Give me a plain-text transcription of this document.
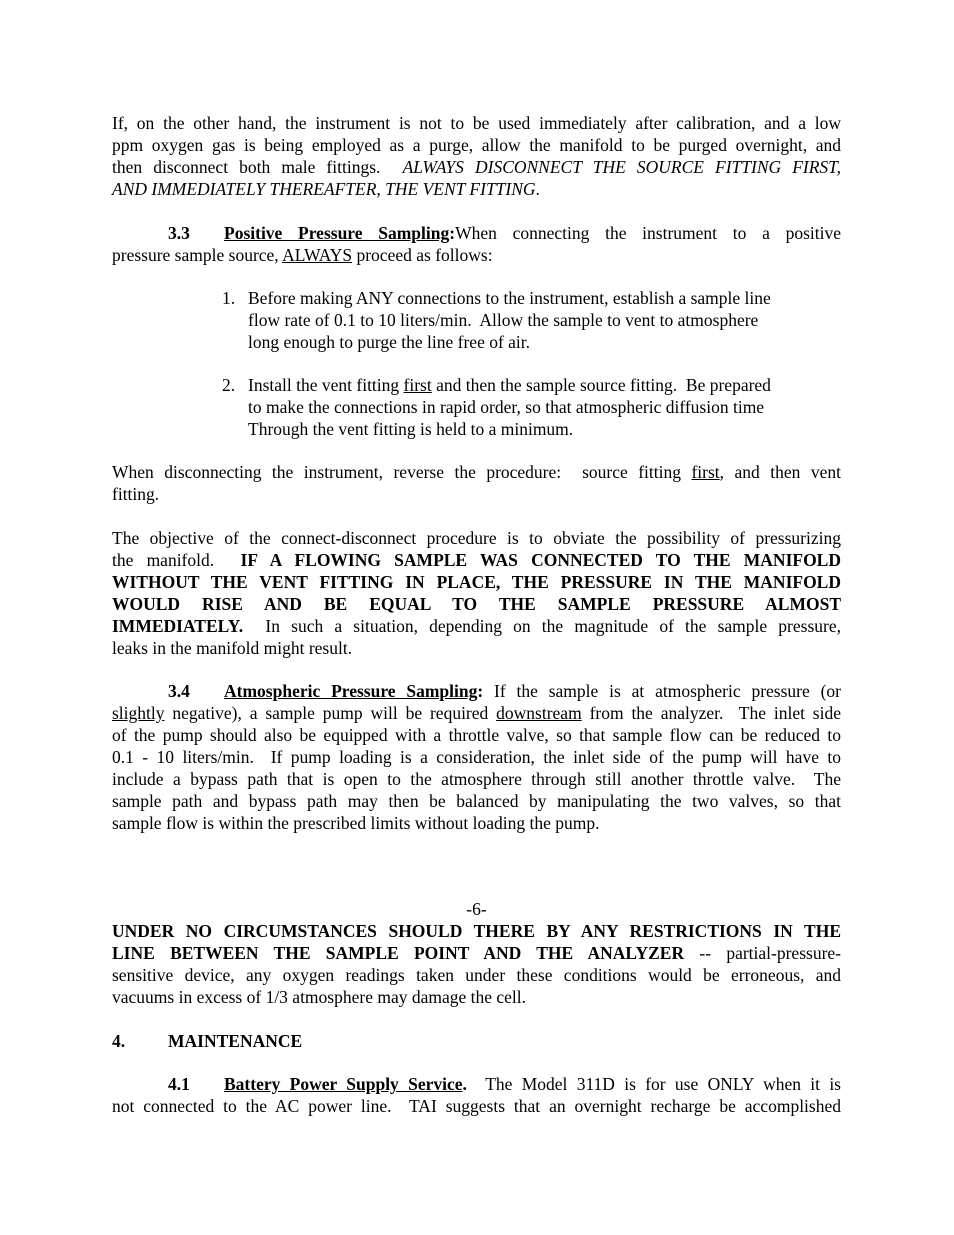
If, on the other hand, the instrument is not to be used immediately after calibration, and a low
ppm oxygen gas is being employed as a purge, allow the manifold to be purged overnight, and
then disconnect both male fittings.  ALWAYS DISCONNECT THE SOURCE FITTING FIRST,
AND IMMEDIATELY THEREAFTER, THE VENT FITTING.
3.3 Positive Pressure Sampling:When connecting the instrument to a positive
pressure sample source, ALWAYS proceed as follows:
1. Before making ANY connections to the instrument, establish a sample line
flow rate of 0.1 to 10 liters/min.  Allow the sample to vent to atmosphere
long enough to purge the line free of air.
2. Install the vent fitting first and then the sample source fitting.  Be prepared
to make the connections in rapid order, so that atmospheric diffusion time
Through the vent fitting is held to a minimum.
When disconnecting the instrument, reverse the procedure:  source fitting first, and then vent
fitting.
The objective of the connect-disconnect procedure is to obviate the possibility of pressurizing
the manifold.  IF A FLOWING SAMPLE WAS CONNECTED TO THE MANIFOLD
WITHOUT THE VENT FITTING IN PLACE, THE PRESSURE IN THE MANIFOLD
WOULD RISE AND BE EQUAL TO THE SAMPLE PRESSURE ALMOST
IMMEDIATELY.  In such a situation, depending on the magnitude of the sample pressure,
leaks in the manifold might result.
3.4 Atmospheric Pressure Sampling: If the sample is at atmospheric pressure (or
slightly negative), a sample pump will be required downstream from the analyzer.  The inlet side
of the pump should also be equipped with a throttle valve, so that sample flow can be reduced to
0.1 - 10 liters/min.  If pump loading is a consideration, the inlet side of the pump will have to
include a bypass path that is open to the atmosphere through still another throttle valve.  The
sample path and bypass path may then be balanced by manipulating the two valves, so that
sample flow is within the prescribed limits without loading the pump.
-6-
UNDER NO CIRCUMSTANCES SHOULD THERE BY ANY RESTRICTIONS IN THE
LINE BETWEEN THE SAMPLE POINT AND THE ANALYZER -- partial-pressure-
sensitive device, any oxygen readings taken under these conditions would be erroneous, and
vacuums in excess of 1/3 atmosphere may damage the cell.
4. MAINTENANCE
4.1 Battery Power Supply Service.  The Model 311D is for use ONLY when it is
not connected to the AC power line.  TAI suggests that an overnight recharge be accomplished
